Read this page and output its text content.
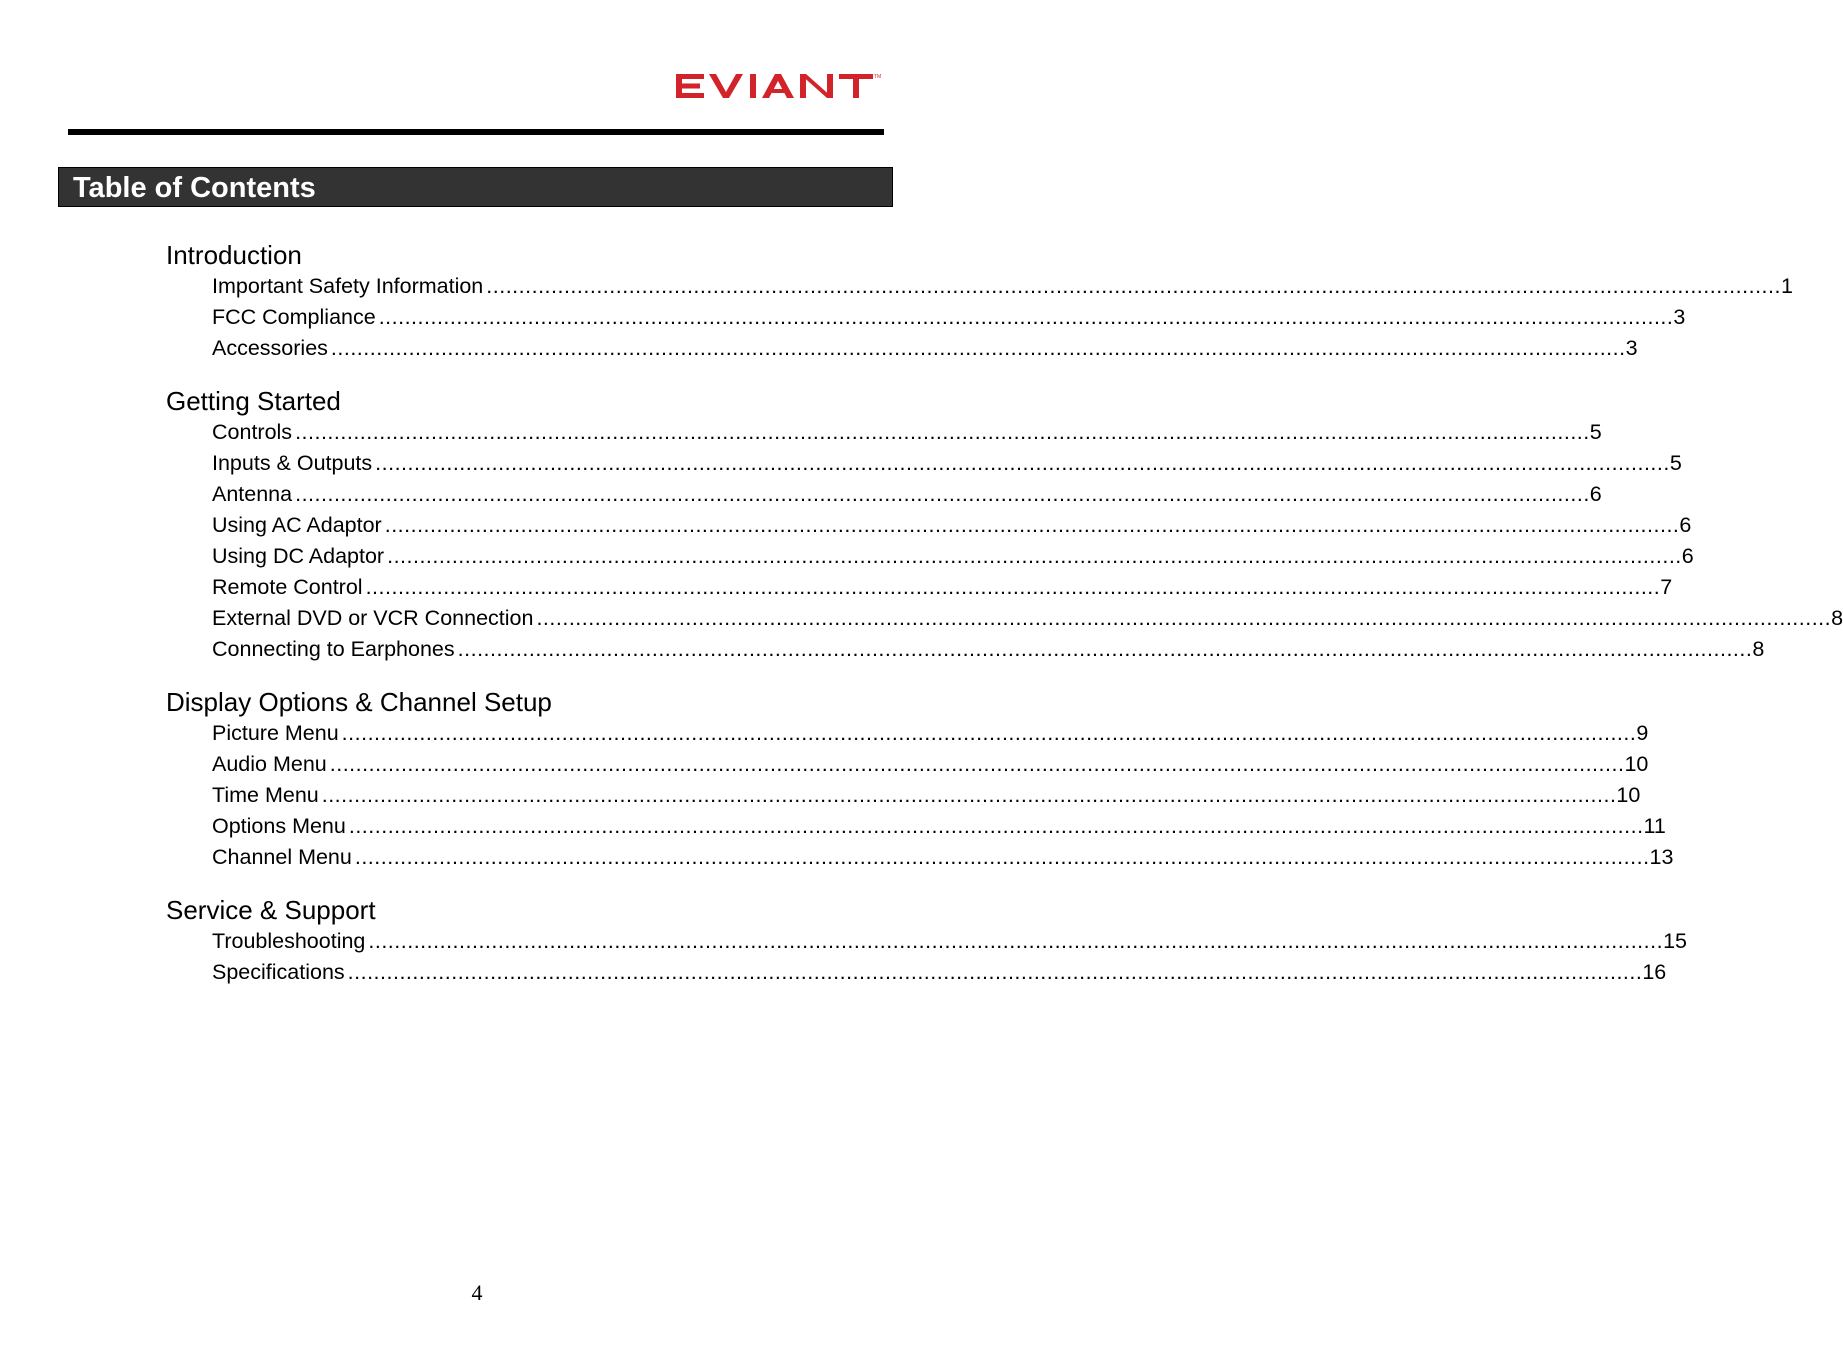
TM
Table of Contents
Introduction
Important Safety Information ........................................................................................................................................................................................................ 1
FCC Compliance ........................................................................................................................................................................................................ 3
Accessories ........................................................................................................................................................................................................ 3
Getting Started
Controls ........................................................................................................................................................................................................ 5
Inputs & Outputs ........................................................................................................................................................................................................ 5
Antenna ........................................................................................................................................................................................................ 6
Using AC Adaptor ........................................................................................................................................................................................................ 6
Using DC Adaptor ........................................................................................................................................................................................................ 6
Remote Control ........................................................................................................................................................................................................ 7
External DVD or VCR Connection ........................................................................................................................................................................................................ 8
Connecting to Earphones ........................................................................................................................................................................................................ 8
Display Options & Channel Setup
Picture Menu ........................................................................................................................................................................................................ 9
Audio Menu ........................................................................................................................................................................................................ 10
Time Menu ........................................................................................................................................................................................................ 10
Options Menu ........................................................................................................................................................................................................ 11
Channel Menu ........................................................................................................................................................................................................ 13
Service & Support
Troubleshooting ........................................................................................................................................................................................................ 15
Specifications ........................................................................................................................................................................................................ 16
4
